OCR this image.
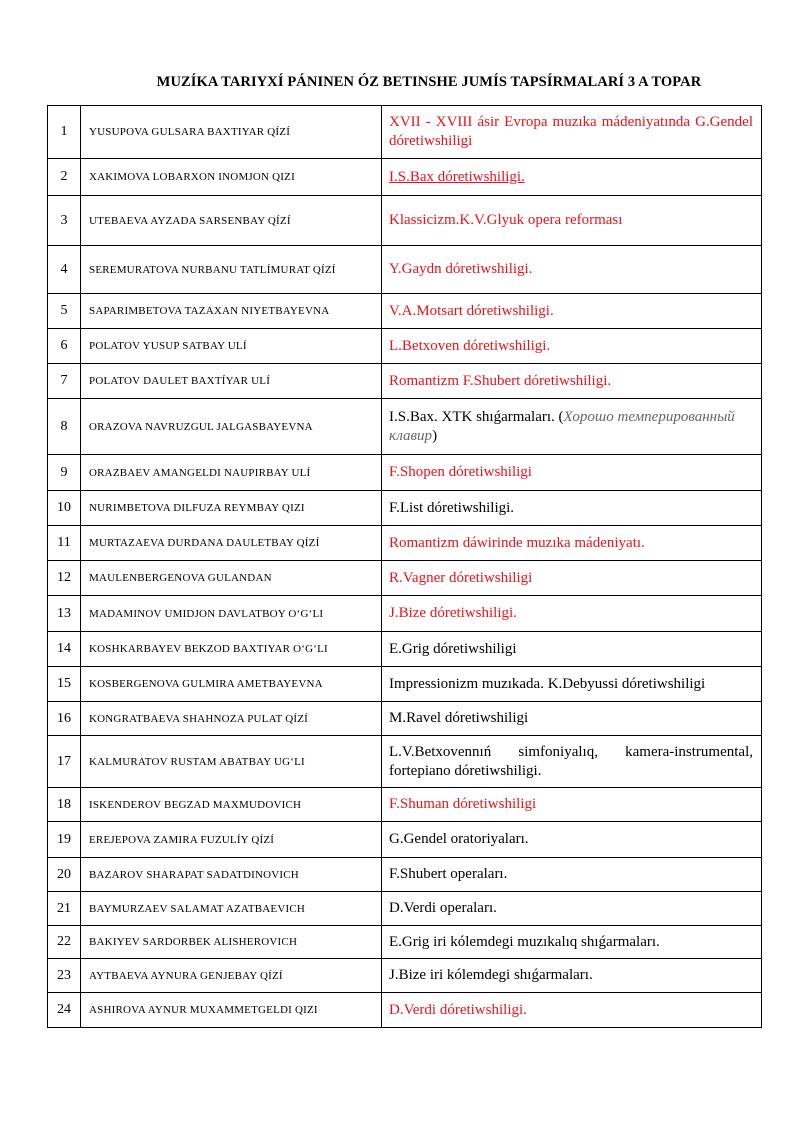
MUZÍKA TARIYXÍ PÁNINEN ÓZ BETINSHE JUMÍS TAPSÍRMALARÍ 3 A TOPAR
1	YUSUPOVA GULSARA BAXTIYAR QÍZÍ	XVII - XVIII ásir Evropa muzıka mádeniyatında G.Gendel dóretiwshiligi
2	XAKIMOVA LOBARXON INOMJON QIZI	I.S.Bax dóretiwshiligi.
3	UTEBAEVA AYZADA SARSENBAY QÍZÍ	Klassicizm.K.V.Glyuk opera reforması
4	SEREMURATOVA NURBANU TATLÍMURAT QÍZÍ	Y.Gaydn dóretiwshiligi.
5	SAPARIMBETOVA TAZAXAN NIYETBAYEVNA	V.A.Motsart dóretiwshiligi.
6	POLATOV YUSUP SATBAY ULÍ	L.Betxoven dóretiwshiligi.
7	POLATOV DAULET BAXTÍYAR ULÍ	Romantizm F.Shubert dóretiwshiligi.
8	ORAZOVA NAVRUZGUL JALGASBAYEVNA	I.S.Bax. XTK shıǵarmaları. (Хорошо темперированный клавир)
9	ORAZBAEV AMANGELDI NAUPIRBAY ULÍ	F.Shopen dóretiwshiligi
10	NURIMBETOVA DILFUZA REYMBAY QIZI	F.List dóretiwshiligi.
11	MURTAZAEVA DURDANA DAULETBAY QÍZÍ	Romantizm dáwirinde muzıka mádeniyatı.
12	MAULENBERGENOVA GULANDAN	R.Vagner dóretiwshiligi
13	MADAMINOV UMIDJON DAVLATBOY O‘G‘LI	J.Bize dóretiwshiligi.
14	KOSHKARBAYEV BEKZOD BAXTIYAR O‘G‘LI	E.Grig dóretiwshiligi
15	KOSBERGENOVA GULMIRA AMETBAYEVNA	Impressionizm muzıkada. K.Debyussi dóretiwshiligi
16	KONGRATBAEVA SHAHNOZA PULAT QÍZÍ	M.Ravel dóretiwshiligi
17	KALMURATOV RUSTAM ABATBAY UG‘LI	L.V.Betxovennıń simfoniyalıq, kamera-instrumental, fortepiano dóretiwshiligi.
18	ISKENDEROV BEGZAD MAXMUDOVICH	F.Shuman dóretiwshiligi
19	EREJEPOVA ZAMIRA FUZULÍY QÍZÍ	G.Gendel oratoriyaları.
20	BAZAROV SHARAPAT SADATDINOVICH	F.Shubert operaları.
21	BAYMURZAEV SALAMAT AZATBAEVICH	D.Verdi operaları.
22	BAKIYEV SARDORBEK ALISHEROVICH	E.Grig iri kólemdegi muzıkalıq shıǵarmaları.
23	AYTBAEVA AYNURA GENJEBAY QÍZÍ	J.Bize iri kólemdegi shıǵarmaları.
24	ASHIROVA AYNUR MUXAMMETGELDI QIZI	D.Verdi dóretiwshiligi.
